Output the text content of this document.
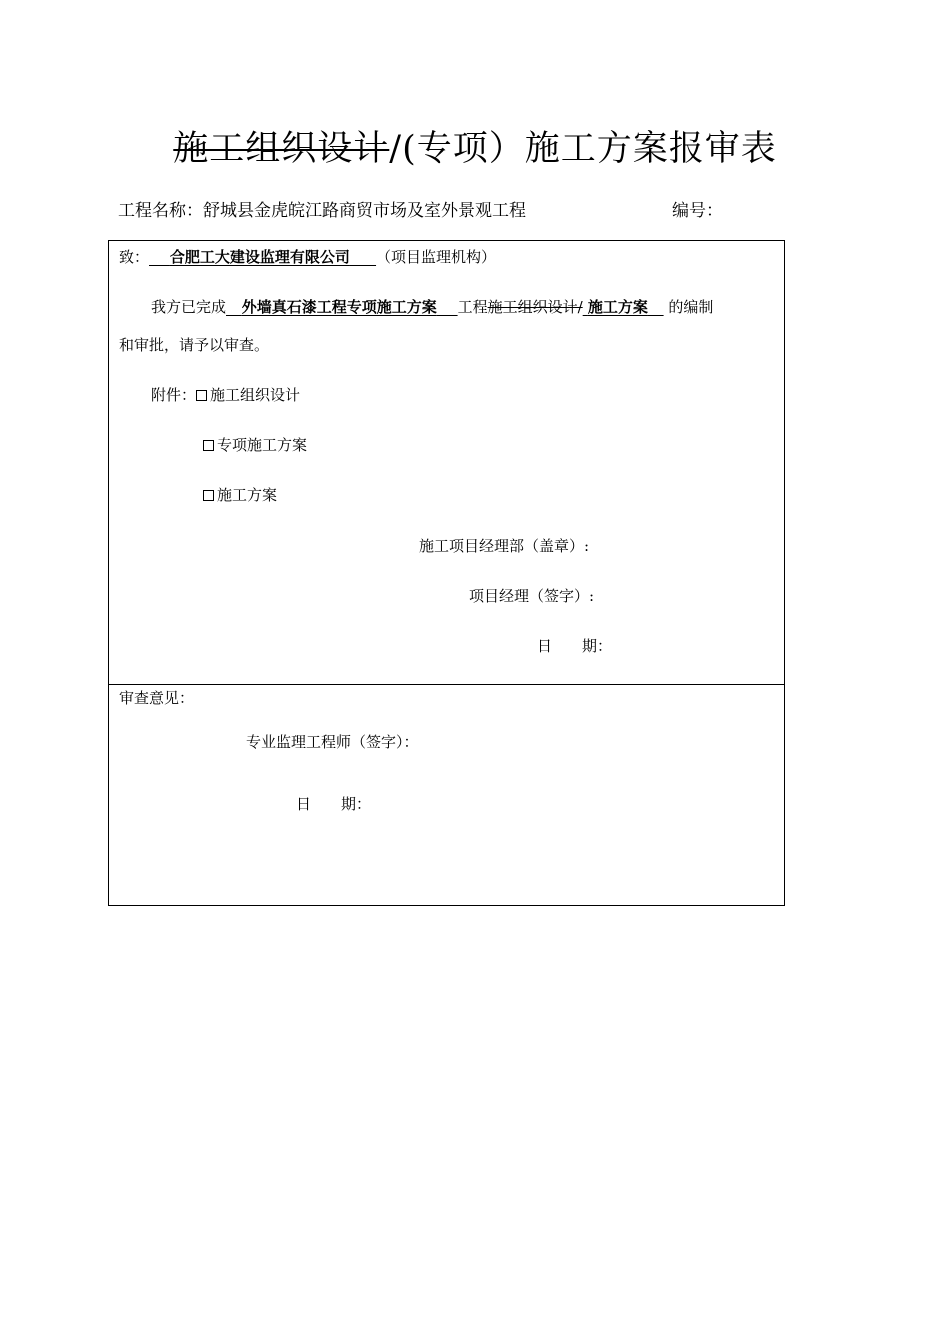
施工组织设计/(专项）施工方案报审表
工程名称：舒城县金虎皖江路商贸市场及室外景观工程	编号：
致： 合肥工大建设监理有限公司 （项目监理机构）
我方已完成 外墙真石漆工程专项施工方案 工程施工组织设计/ 施工方案 的编制
和审批，请予以审查。
附件： 施工组织设计
专项施工方案
施工方案
施工项目经理部（盖章）:
项目经理（签字）:
日　　期：
审查意见：
专业监理工程师（签字）：
日　　期：
